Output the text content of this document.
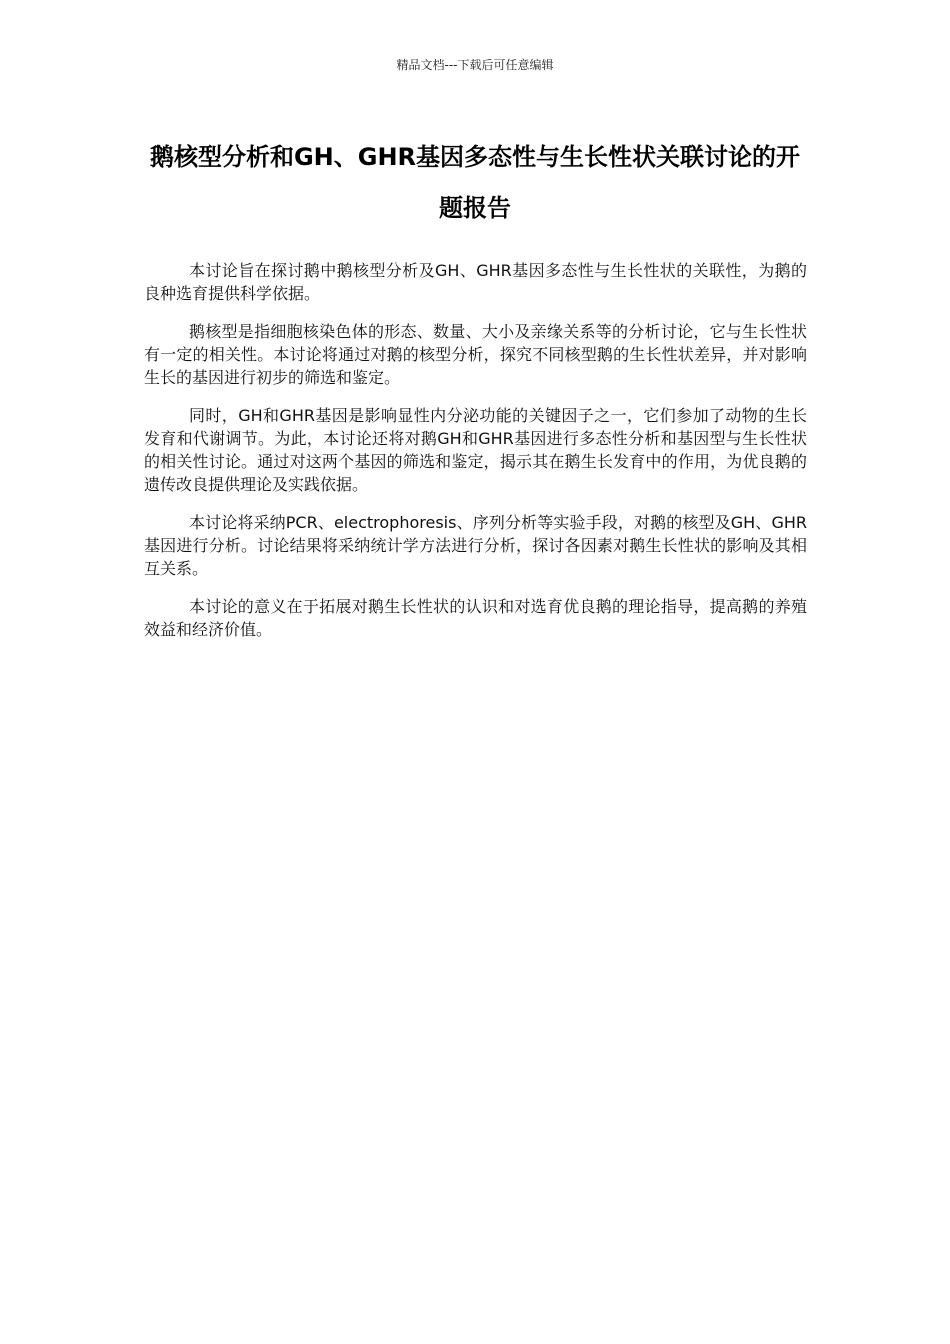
精品文档---下载后可任意编辑
鹅核型分析和GH、GHR基因多态性与生长性状关联讨论的开题报告

本讨论旨在探讨鹅中鹅核型分析及GH、GHR基因多态性与生长性状的关联性，为鹅的良种选育提供科学依据。

鹅核型是指细胞核染色体的形态、数量、大小及亲缘关系等的分析讨论，它与生长性状有一定的相关性。本讨论将通过对鹅的核型分析，探究不同核型鹅的生长性状差异，并对影响生长的基因进行初步的筛选和鉴定。

同时，GH和GHR基因是影响显性内分泌功能的关键因子之一，它们参加了动物的生长发育和代谢调节。为此，本讨论还将对鹅GH和GHR基因进行多态性分析和基因型与生长性状的相关性讨论。通过对这两个基因的筛选和鉴定，揭示其在鹅生长发育中的作用，为优良鹅的遗传改良提供理论及实践依据。

本讨论将采纳PCR、electrophoresis、序列分析等实验手段，对鹅的核型及GH、GHR基因进行分析。讨论结果将采纳统计学方法进行分析，探讨各因素对鹅生长性状的影响及其相互关系。

本讨论的意义在于拓展对鹅生长性状的认识和对选育优良鹅的理论指导，提高鹅的养殖效益和经济价值。
